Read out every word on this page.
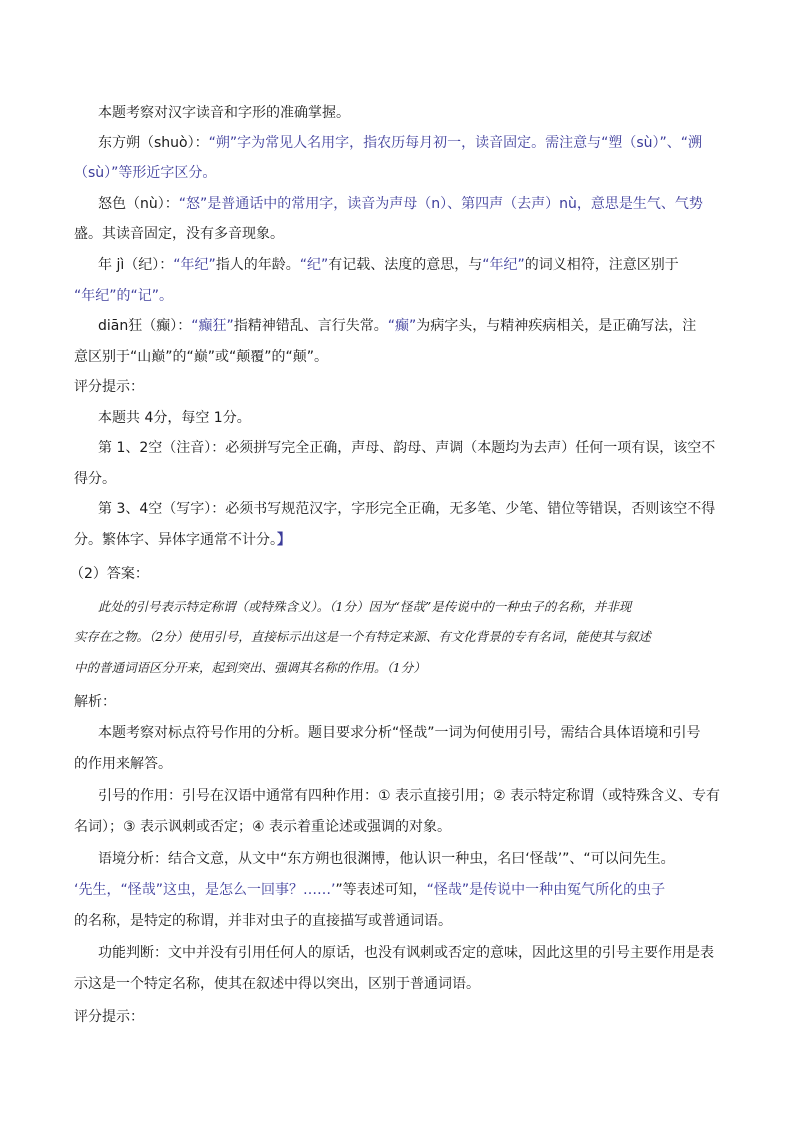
本题考察对汉字读音和字形的准确掌握。
东方朔（shuò）：“朔”字为常见人名用字，指农历每月初一，读音固定。需注意与“塑（sù）”、“溯
（sù）”等形近字区分。
怒色（nù）：“怒”是普通话中的常用字，读音为声母（n）、第四声（去声）nù，意思是生气、气势
盛。其读音固定，没有多音现象。
年 jì（纪）：“年纪”指人的年龄。“纪”有记载、法度的意思，与“年纪”的词义相符，注意区别于
“年纪”的“记”。
diān狂（癫）：“癫狂”指精神错乱、言行失常。“癫”为病字头，与精神疾病相关，是正确写法，注
意区别于“山巅”的“巅”或“颠覆”的“颠”。
评分提示：
本题共 4分，每空 1分。
第 1、2空（注音）：必须拼写完全正确，声母、韵母、声调（本题均为去声）任何一项有误，该空不
得分。
第 3、4空（写字）：必须书写规范汉字，字形完全正确，无多笔、少笔、错位等错误，否则该空不得
分。繁体字、异体字通常不计分。】
（2）答案：
此处的引号表示特定称谓（或特殊含义）。（1分）因为“怪哉”是传说中的一种虫子的名称，并非现
实存在之物。（2分）使用引号，直接标示出这是一个有特定来源、有文化背景的专有名词，能使其与叙述
中的普通词语区分开来，起到突出、强调其名称的作用。（1分）
解析：
本题考察对标点符号作用的分析。题目要求分析“怪哉”一词为何使用引号，需结合具体语境和引号
的作用来解答。
引号的作用：引号在汉语中通常有四种作用：① 表示直接引用；② 表示特定称谓（或特殊含义、专有
名词）；③ 表示讽刺或否定；④ 表示着重论述或强调的对象。
语境分析：结合文意，从文中“东方朔也很渊博，他认识一种虫，名曰‘怪哉’”、“可以问先生。
‘先生，“怪哉”这虫，是怎么一回事？……’”等表述可知，“怪哉”是传说中一种由冤气所化的虫子
的名称，是特定的称谓，并非对虫子的直接描写或普通词语。
功能判断：文中并没有引用任何人的原话，也没有讽刺或否定的意味，因此这里的引号主要作用是表
示这是一个特定名称，使其在叙述中得以突出，区别于普通词语。
评分提示：
